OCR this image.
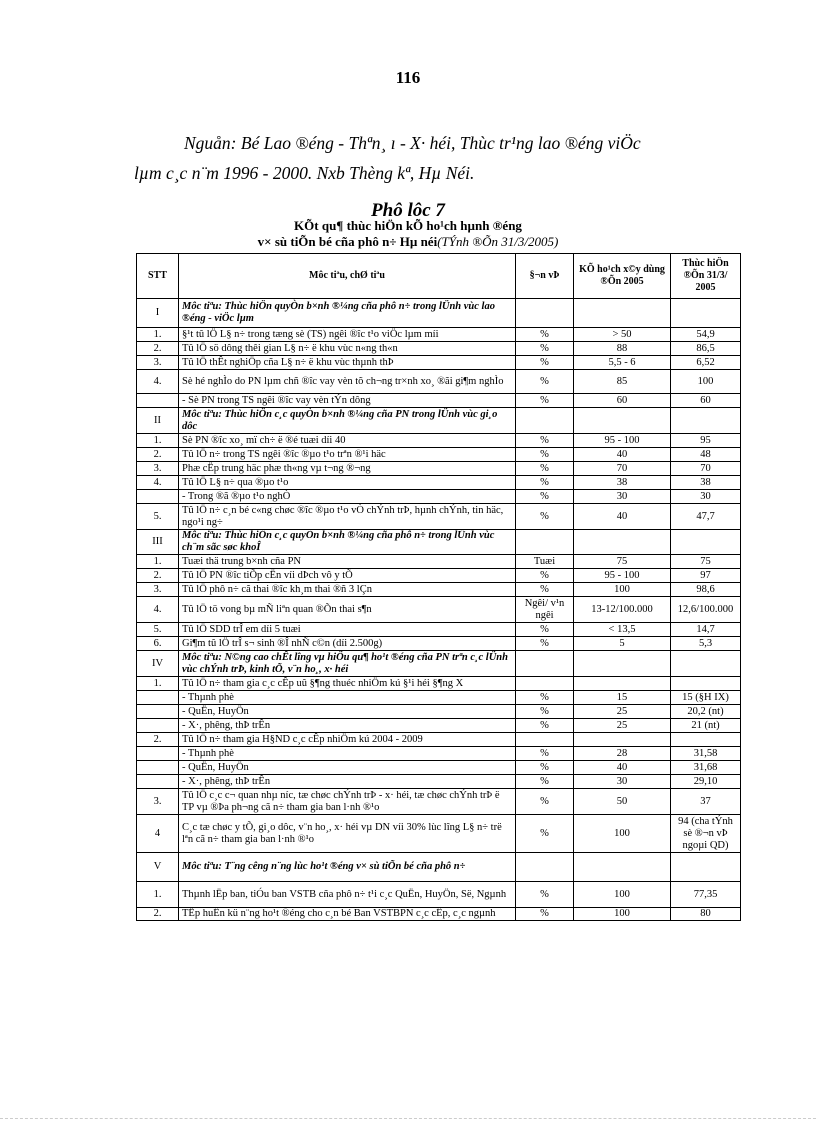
116
Nguån: Bé Lao ®éng - Thªn¸ ı - X· héi, Thùc tr¹ng lao ®éng viÖc
lµm c¸c n¨m 1996 - 2000. Nxb Thèng kª, Hµ Néi.
Phô lôc 7
KÕt qu¶ thùc hiÖn kÕ ho¹ch hµnh ®éng
v× sù tiÕn bé cña phô n÷ Hµ néi(TÝnh ®Õn 31/3/2005)
STT	Môc tiªu, chØ tiªu	§¬n vÞ	KÕ ho¹ch x©y dùng ®Õn 2005	Thùc hiÖn ®Õn 31/3/ 2005
I	Môc tiªu: Thùc hiÖn quyÒn b×nh ®¼ng cña phô n÷ trong lÜnh vùc lao ®éng - viÖc lµm			
1.	§¹t tû lÖ L§ n÷ trong tæng sè (TS) ngêi ®îc t¹o viÖc lµm míi	%	> 50	54,9
2.	Tû lÖ sö dông thêi gian L§ n÷ ë khu vùc n«ng th«n	%	88	86,5
3.	Tû lÖ thÊt nghiÖp cña L§ n÷ ë khu vùc thµnh thÞ	%	5,5 - 6	6,52
4.	Sè hé nghÌo do PN lµm chñ ®îc vay vèn tõ ch¬ng tr×nh xo¸ ®ãi gi¶m nghÌo	%	85	100
	- Sè PN trong TS ngêi ®îc vay vèn tÝn dông	%	60	60
II	Môc tiªu: Thùc hiÖn c¸c quyÒn b×nh ®¼ng cña PN trong lÜnh vùc gi¸o dôc			
1.	Sè PN ®îc xo¸ mï ch÷ ë ®é tuæi díi 40	%	95 - 100	95
2.	Tû lÖ n÷ trong TS ngêi ®îc ®µo t¹o trªn ®¹i häc	%	40	48
3.	Phæ cËp trung häc phæ th«ng vµ t¬ng ®¬ng	%	70	70
4.	Tû lÖ L§ n÷ qua ®µo t¹o	%	38	38
	- Trong ®ã ®µo t¹o nghÒ	%	30	30
5.	Tû lÖ n÷ c¸n bé c«ng chøc ®îc ®µo t¹o vÒ chÝnh trÞ, hµnh chÝnh, tin häc, ngo¹i ng÷	%	40	47,7
III	Môc tiªu: Thùc hiÖn c¸c quyÒn b×nh ®¼ng cña phô n÷ trong lÜnh vùc ch¨m sãc søc khoÎ			
1.	Tuæi thä trung b×nh cña PN	Tuæi	75	75
2.	Tû lÖ PN ®îc tiÕp cËn víi dÞch vô y tÕ	%	95 - 100	97
3.	Tû lÖ phô n÷ cã thai ®îc kh¸m thai ®ñ 3 lÇn	%	100	98,6
4.	Tû lÖ tö vong bµ mÑ liªn quan ®Õn thai s¶n	Ngêi/ v¹n ngêi	13-12/100.000	12,6/100.000
5.	Tû lÖ SDD trÎ em díi 5 tuæi	%	< 13,5	14,7
6.	Gi¶m tû lÖ trÎ s¬ sinh ®Î nhÑ c©n (díi 2.500g)	%	5	5,3
IV	Môc tiªu: N©ng cao chÊt lîng vµ hiÖu qu¶ ho¹t ®éng cña PN trªn c¸c lÜnh vùc chÝnh trÞ, kinh tÕ, v¨n ho¸, x· héi			
1.	Tû lÖ n÷ tham gia c¸c cÊp uû §¶ng thuéc nhiÖm kú §¹i héi §¶ng X			
	- Thµnh phè	%	15	15 (§H IX)
	- QuËn, HuyÖn	%	25	20,2 (nt)
	- X·, phêng, thÞ trÊn	%	25	21 (nt)
2.	Tû lÖ n÷ tham gia H§ND c¸c cÊp nhiÖm kú 2004 - 2009			
	- Thµnh phè	%	28	31,58
	- QuËn, HuyÖn	%	40	31,68
	- X·, phêng, thÞ trÊn	%	30	29,10
3.	Tû lÖ c¸c c¬ quan nhµ níc, tæ chøc chÝnh trÞ - x· héi, tæ chøc chÝnh trÞ ë TP vµ ®Þa ph¬ng cã n÷ tham gia ban l·nh ®¹o	%	50	37
4	C¸c tæ chøc y tÕ, gi¸o dôc, v¨n ho¸, x· héi vµ DN víi 30% lùc lîng L§ n÷ trë lªn cã n÷ tham gia ban l·nh ®¹o	%	100	94 (cha tÝnh sè ®¬n vÞ ngoµi QD)
V	Môc tiªu: T¨ng cêng n¨ng lùc ho¹t ®éng v× sù tiÕn bé cña phô n÷			
1.	Thµnh lËp ban, tiÓu ban VSTB cña phô n÷ t¹i c¸c QuËn, HuyÖn, Së, Ngµnh	%	100	77,35
2.	TËp huÊn kü n¨ng ho¹t ®éng cho c¸n bé Ban VSTBPN c¸c cÊp, c¸c ngµnh	%	100	80
